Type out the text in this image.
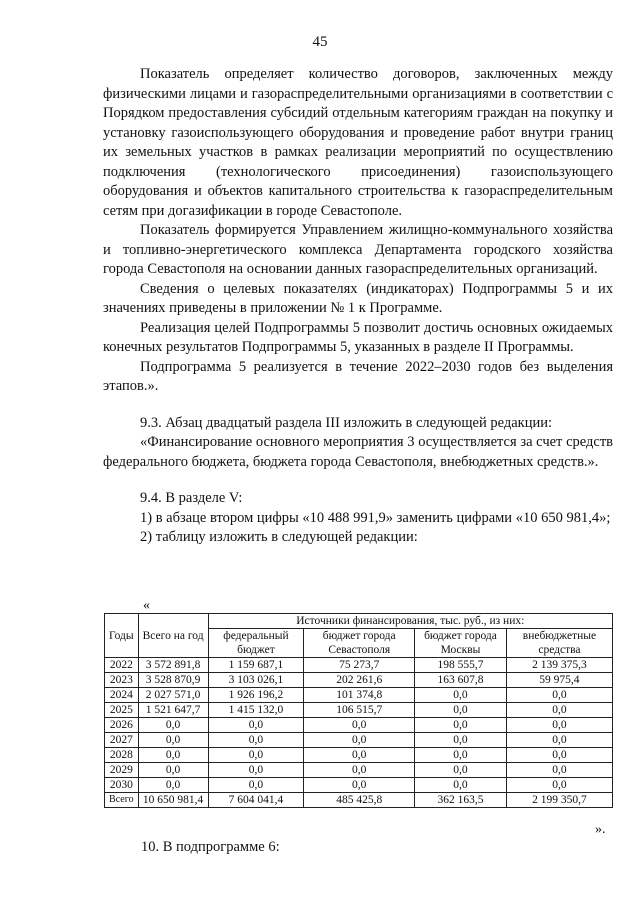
45

Показатель определяет количество договоров, заключенных между физическими лицами и газораспределительными организациями в соответствии с Порядком предоставления субсидий отдельным категориям граждан на покупку и установку газоиспользующего оборудования и проведение работ внутри границ их земельных участков в рамках реализации мероприятий по осуществлению подключения (технологического присоединения) газоиспользующего оборудования и объектов капитального строительства к газораспределительным сетям при догазификации в городе Севастополе.

Показатель формируется Управлением жилищно-коммунального хозяйства и топливно-энергетического комплекса Департамента городского хозяйства города Севастополя на основании данных газораспределительных организаций.

Сведения о целевых показателях (индикаторах) Подпрограммы 5 и их значениях приведены в приложении № 1 к Программе.

Реализация целей Подпрограммы 5 позволит достичь основных ожидаемых конечных результатов Подпрограммы 5, указанных в разделе II Программы.

Подпрограмма 5 реализуется в течение 2022–2030 годов без выделения этапов.».

9.3. Абзац двадцатый раздела III изложить в следующей редакции:

«Финансирование основного мероприятия 3 осуществляется за счет средств федерального бюджета, бюджета города Севастополя, внебюджетных средств.».

9.4. В разделе V:

1) в абзаце втором цифры «10 488 991,9» заменить цифрами «10 650 981,4»;

2) таблицу изложить в следующей редакции:

«
Годы	Всего на год	Источники финансирования, тыс. руб., из них:			
		федеральный бюджет	бюджет города Севастополя	бюджет города Москвы	внебюджетные средства
2022	3 572 891,8	1 159 687,1	75 273,7	198 555,7	2 139 375,3
2023	3 528 870,9	3 103 026,1	202 261,6	163 607,8	59 975,4
2024	2 027 571,0	1 926 196,2	101 374,8	0,0	0,0
2025	1 521 647,7	1 415 132,0	106 515,7	0,0	0,0
2026	0,0	0,0	0,0	0,0	0,0
2027	0,0	0,0	0,0	0,0	0,0
2028	0,0	0,0	0,0	0,0	0,0
2029	0,0	0,0	0,0	0,0	0,0
2030	0,0	0,0	0,0	0,0	0,0
Всего	10 650 981,4	7 604 041,4	485 425,8	362 163,5	2 199 350,7
».
10. В подпрограмме 6:
